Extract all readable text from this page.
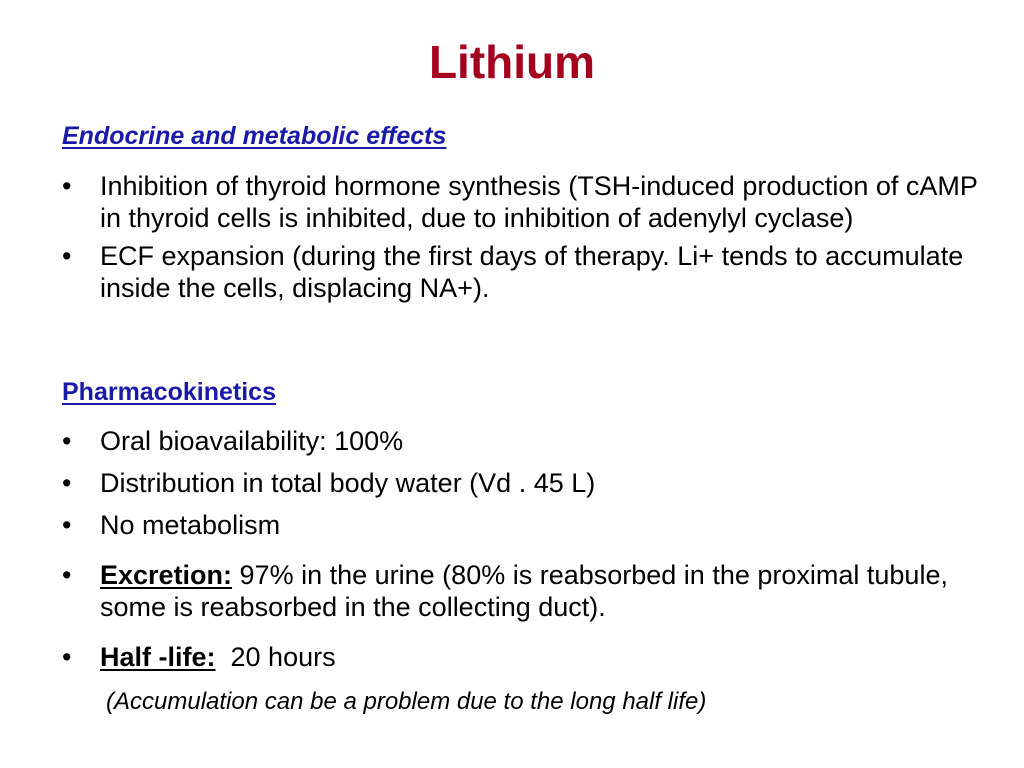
Lithium

Endocrine and metabolic effects

• Inhibition of thyroid hormone synthesis (TSH-induced production of cAMP in thyroid cells is inhibited, due to inhibition of adenylyl cyclase)
• ECF expansion (during the first days of therapy. Li+ tends to accumulate inside the cells, displacing NA+).

Pharmacokinetics

• Oral bioavailability: 100%
• Distribution in total body water (Vd . 45 L)
• No metabolism
• Excretion: 97% in the urine (80% is reabsorbed in the proximal tubule, some is reabsorbed in the collecting duct).
• Half -life:  20 hours

(Accumulation can be a problem due to the long half life)
